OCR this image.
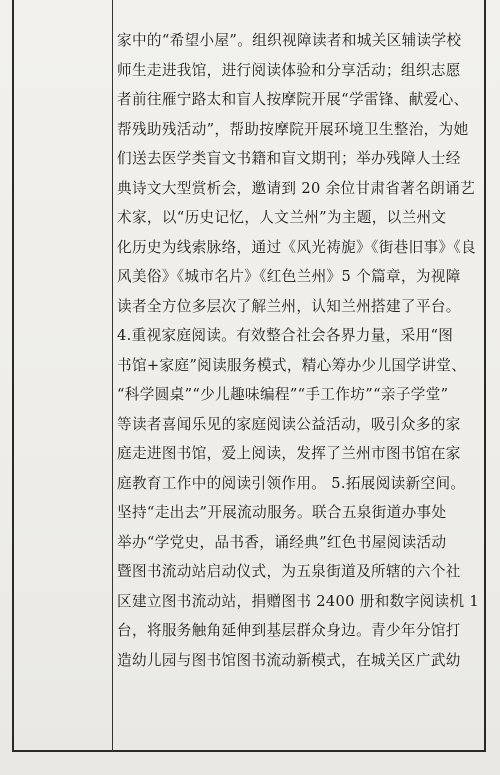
家中的“希望小屋”。组织视障读者和城关区辅读学校
师生走进我馆，进行阅读体验和分享活动；组织志愿
者前往雁宁路太和盲人按摩院开展“学雷锋、献爱心、
帮残助残活动”，帮助按摩院开展环境卫生整治，为她
们送去医学类盲文书籍和盲文期刊；举办残障人士经
典诗文大型赏析会，邀请到 20 余位甘肃省著名朗诵艺
术家，以“历史记忆，人文兰州”为主题，以兰州文
化历史为线索脉络，通过《风光祷旎》《街巷旧事》《良
风美俗》《城市名片》《红色兰州》5 个篇章，为视障
读者全方位多层次了解兰州，认知兰州搭建了平台。
4.重视家庭阅读。有效整合社会各界力量，采用“图
书馆+家庭”阅读服务模式，精心筹办少儿国学讲堂、
“科学圆桌”“少儿趣味编程”“手工作坊”“亲子学堂”
等读者喜闻乐见的家庭阅读公益活动，吸引众多的家
庭走进图书馆，爱上阅读，发挥了兰州市图书馆在家
庭教育工作中的阅读引领作用。 5.拓展阅读新空间。
坚持“走出去”开展流动服务。联合五泉街道办事处
举办“学党史，品书香，诵经典”红色书屋阅读活动
暨图书流动站启动仪式，为五泉街道及所辖的六个社
区建立图书流动站，捐赠图书 2400 册和数字阅读机 1
台，将服务触角延伸到基层群众身边。青少年分馆打
造幼儿园与图书馆图书流动新模式，在城关区广武幼
